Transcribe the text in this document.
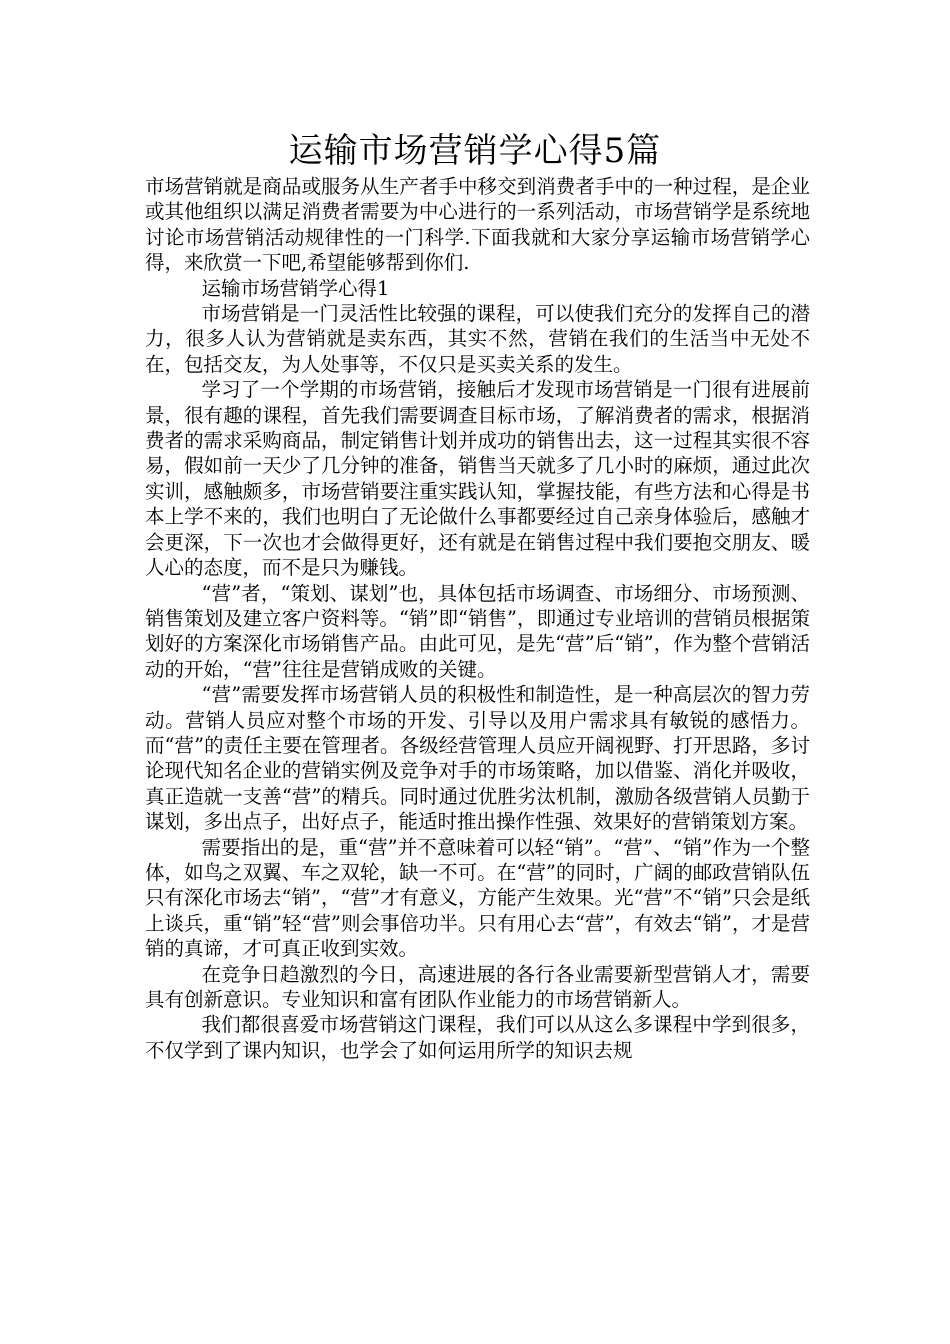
运输市场营销学心得5篇

市场营销就是商品或服务从生产者手中移交到消费者手中的一种过程，是企业或其他组织以满足消费者需要为中心进行的一系列活动，市场营销学是系统地讨论市场营销活动规律性的一门科学.下面我就和大家分享运输市场营销学心得，来欣赏一下吧,希望能够帮到你们.

运输市场营销学心得1

市场营销是一门灵活性比较强的课程，可以使我们充分的发挥自己的潜力，很多人认为营销就是卖东西，其实不然，营销在我们的生活当中无处不在，包括交友，为人处事等，不仅只是买卖关系的发生。

学习了一个学期的市场营销，接触后才发现市场营销是一门很有进展前景，很有趣的课程，首先我们需要调查目标市场，了解消费者的需求，根据消费者的需求采购商品，制定销售计划并成功的销售出去，这一过程其实很不容易，假如前一天少了几分钟的准备，销售当天就多了几小时的麻烦，通过此次实训，感触颇多，市场营销要注重实践认知，掌握技能，有些方法和心得是书本上学不来的，我们也明白了无论做什么事都要经过自己亲身体验后，感触才会更深，下一次也才会做得更好，还有就是在销售过程中我们要抱交朋友、暖人心的态度，而不是只为赚钱。

“营”者，“策划、谋划”也，具体包括市场调查、市场细分、市场预测、销售策划及建立客户资料等。“销”即“销售”，即通过专业培训的营销员根据策划好的方案深化市场销售产品。由此可见，是先“营”后“销”，作为整个营销活动的开始，“营”往往是营销成败的关键。

“营”需要发挥市场营销人员的积极性和制造性，是一种高层次的智力劳动。营销人员应对整个市场的开发、引导以及用户需求具有敏锐的感悟力。而“营”的责任主要在管理者。各级经营管理人员应开阔视野、打开思路，多讨论现代知名企业的营销实例及竞争对手的市场策略，加以借鉴、消化并吸收，真正造就一支善“营”的精兵。同时通过优胜劣汰机制，激励各级营销人员勤于谋划，多出点子，出好点子，能适时推出操作性强、效果好的营销策划方案。

需要指出的是，重“营”并不意味着可以轻“销”。“营”、“销”作为一个整体，如鸟之双翼、车之双轮，缺一不可。在“营”的同时，广阔的邮政营销队伍只有深化市场去“销”，“营”才有意义，方能产生效果。光“营”不“销”只会是纸上谈兵，重“销”轻“营”则会事倍功半。只有用心去“营”，有效去“销”，才是营销的真谛，才可真正收到实效。

在竞争日趋激烈的今日，高速进展的各行各业需要新型营销人才，需要具有创新意识。专业知识和富有团队作业能力的市场营销新人。

我们都很喜爱市场营销这门课程，我们可以从这么多课程中学到很多，不仅学到了课内知识，也学会了如何运用所学的知识去规
